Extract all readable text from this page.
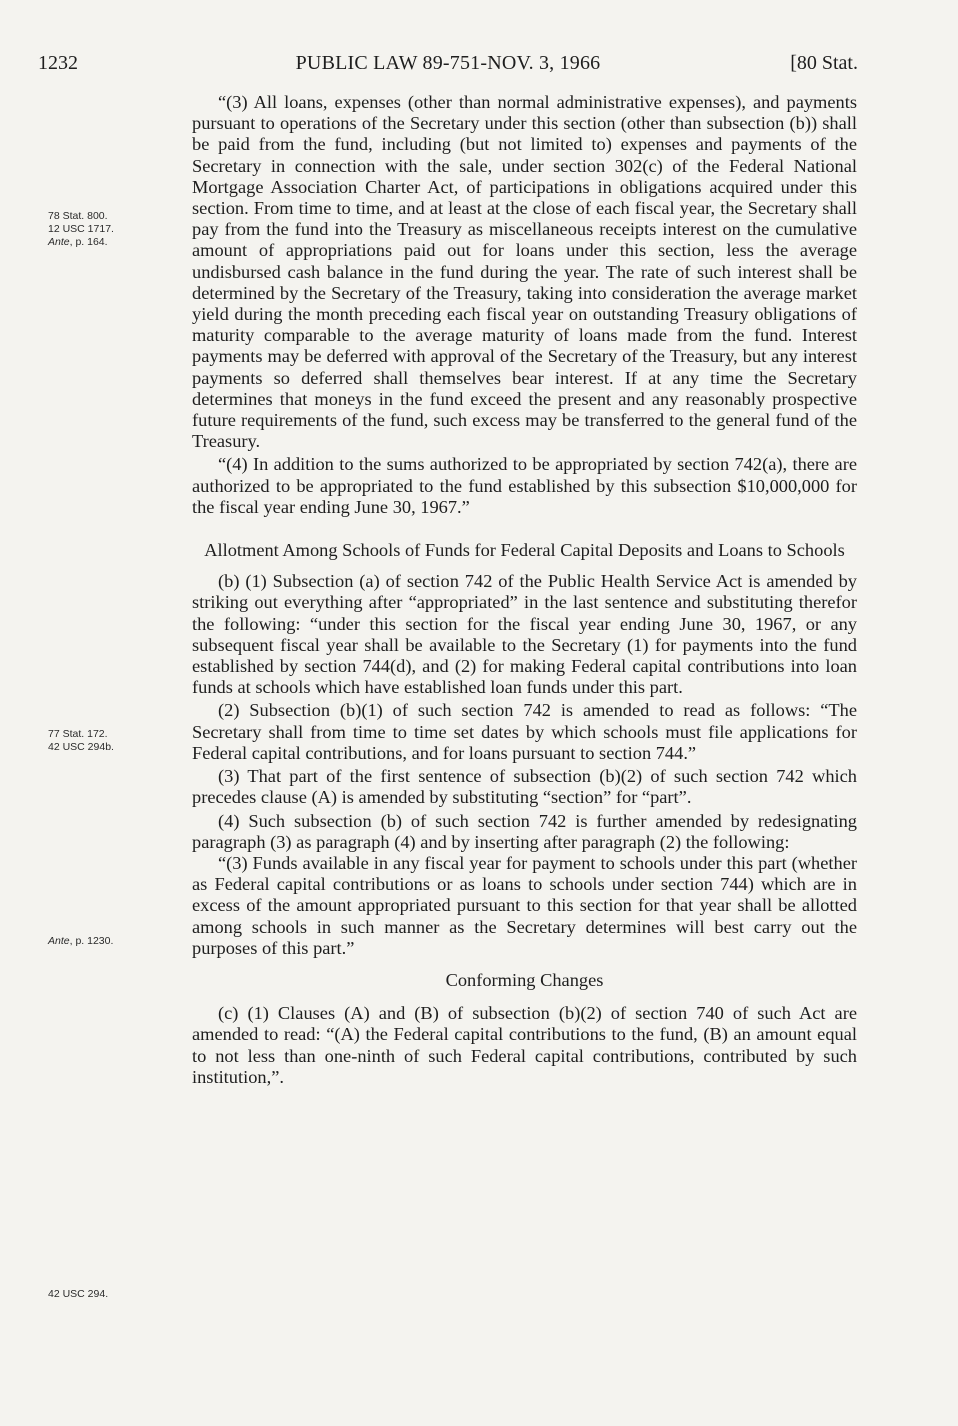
1232	PUBLIC LAW 89-751-NOV. 3, 1966	[80 Stat.
78 Stat. 800.
12 USC 1717.
Ante, p. 164.
77 Stat. 172.
42 USC 294b.
Ante, p. 1230.
42 USC 294.

“(3) All loans, expenses (other than normal administrative expenses), and payments pursuant to operations of the Secretary under this section (other than subsection (b)) shall be paid from the fund, including (but not limited to) expenses and payments of the Secretary in connection with the sale, under section 302(c) of the Federal National Mortgage Association Charter Act, of participations in obligations acquired under this section. From time to time, and at least at the close of each fiscal year, the Secretary shall pay from the fund into the Treasury as miscellaneous receipts interest on the cumulative amount of appropriations paid out for loans under this section, less the average undisbursed cash balance in the fund during the year. The rate of such interest shall be determined by the Secretary of the Treasury, taking into consideration the average market yield during the month preceding each fiscal year on outstanding Treasury obligations of maturity comparable to the average maturity of loans made from the fund. Interest payments may be deferred with approval of the Secretary of the Treasury, but any interest payments so deferred shall themselves bear interest. If at any time the Secretary determines that moneys in the fund exceed the present and any reasonably prospective future requirements of the fund, such excess may be transferred to the general fund of the Treasury.

“(4) In addition to the sums authorized to be appropriated by section 742(a), there are authorized to be appropriated to the fund established by this subsection $10,000,000 for the fiscal year ending June 30, 1967.”

Allotment Among Schools of Funds for Federal Capital Deposits and Loans to Schools

(b) (1) Subsection (a) of section 742 of the Public Health Service Act is amended by striking out everything after “appropriated” in the last sentence and substituting therefor the following: “under this section for the fiscal year ending June 30, 1967, or any subsequent fiscal year shall be available to the Secretary (1) for payments into the fund established by section 744(d), and (2) for making Federal capital contributions into loan funds at schools which have established loan funds under this part.

(2) Subsection (b)(1) of such section 742 is amended to read as follows: “The Secretary shall from time to time set dates by which schools must file applications for Federal capital contributions, and for loans pursuant to section 744.”

(3) That part of the first sentence of subsection (b)(2) of such section 742 which precedes clause (A) is amended by substituting “section” for “part”.

(4) Such subsection (b) of such section 742 is further amended by redesignating paragraph (3) as paragraph (4) and by inserting after paragraph (2) the following:

“(3) Funds available in any fiscal year for payment to schools under this part (whether as Federal capital contributions or as loans to schools under section 744) which are in excess of the amount appropriated pursuant to this section for that year shall be allotted among schools in such manner as the Secretary determines will best carry out the purposes of this part.”

Conforming Changes

(c) (1) Clauses (A) and (B) of subsection (b)(2) of section 740 of such Act are amended to read: “(A) the Federal capital contributions to the fund, (B) an amount equal to not less than one-ninth of such Federal capital contributions, contributed by such institution,”.
